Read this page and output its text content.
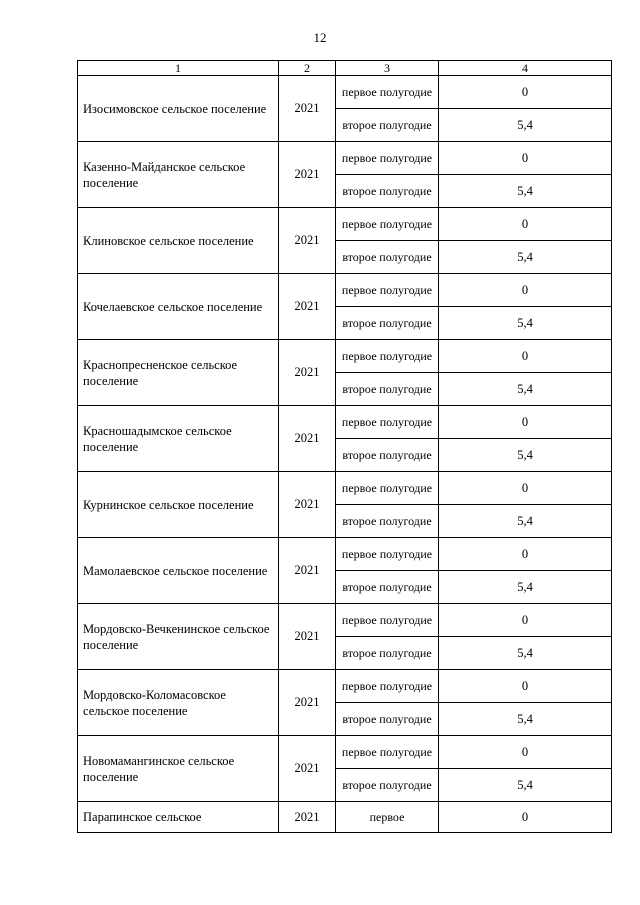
12
1	2	3	4
Изосимовское сельское поселение	2021	первое полугодие	0
		второе полугодие	5,4
Казенно-Майданское сельское поселение	2021	первое полугодие	0
		второе полугодие	5,4
Клиновское сельское поселение	2021	первое полугодие	0
		второе полугодие	5,4
Кочелаевское сельское поселение	2021	первое полугодие	0
		второе полугодие	5,4
Краснопресненское сельское поселение	2021	первое полугодие	0
		второе полугодие	5,4
Красношадымское сельское поселение	2021	первое полугодие	0
		второе полугодие	5,4
Курнинское сельское поселение	2021	первое полугодие	0
		второе полугодие	5,4
Мамолаевское сельское поселение	2021	первое полугодие	0
		второе полугодие	5,4
Мордовско-Вечкенинское сельское поселение	2021	первое полугодие	0
		второе полугодие	5,4
Мордовско-Коломасовское сельское поселение	2021	первое полугодие	0
		второе полугодие	5,4
Новомамангинское сельское поселение	2021	первое полугодие	0
		второе полугодие	5,4
Парапинское сельское	2021	первое	0
